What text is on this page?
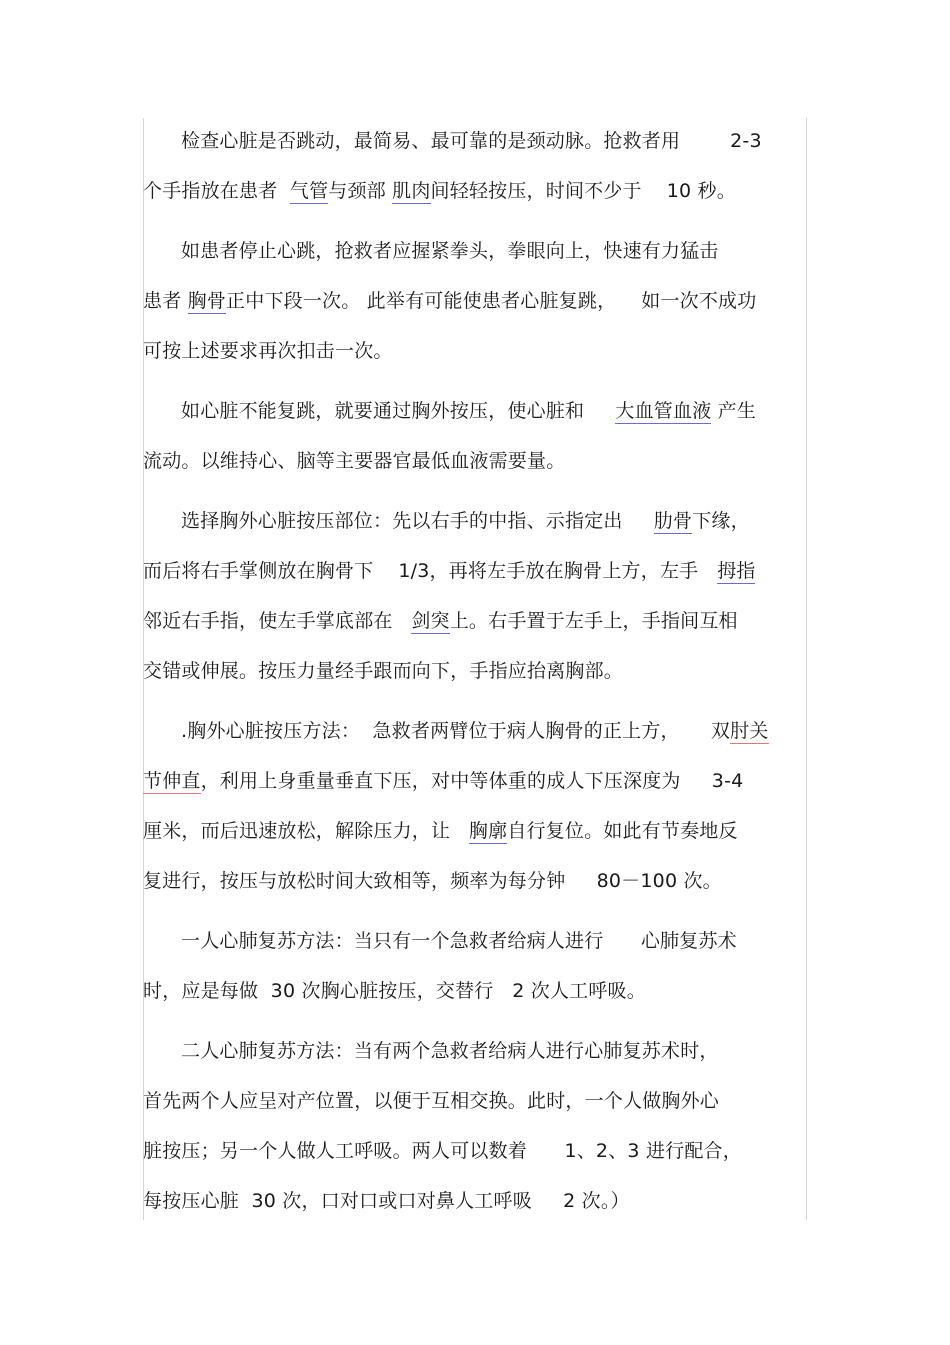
检查心脏是否跳动，最简易、最可靠的是颈动脉。抢救者用        2-3
个手指放在患者  气管与颈部 肌肉间轻轻按压，时间不少于    10 秒。
如患者停止心跳，抢救者应握紧拳头，拳眼向上，快速有力猛击
患者 胸骨正中下段一次。 此举有可能使患者心脏复跳，    如一次不成功
可按上述要求再次扣击一次。
如心脏不能复跳，就要通过胸外按压，使心脏和     大血管血液 产生
流动。以维持心、脑等主要器官最低血液需要量。
选择胸外心脏按压部位：先以右手的中指、示指定出     肋骨下缘，
而后将右手掌侧放在胸骨下    1/3，再将左手放在胸骨上方，左手   拇指
邻近右手指，使左手掌底部在   剑突上。右手置于左手上，手指间互相
交错或伸展。按压力量经手跟而向下，手指应抬离胸部。
.胸外心脏按压方法：  急救者两臂位于病人胸骨的正上方，     双肘关
节伸直，利用上身重量垂直下压，对中等体重的成人下压深度为     3-4
厘米，而后迅速放松，解除压力，让   胸廓自行复位。如此有节奏地反
复进行，按压与放松时间大致相等，频率为每分钟     80－100 次。
一人心肺复苏方法：当只有一个急救者给病人进行      心肺复苏术
时，应是每做  30 次胸心脏按压，交替行   2 次人工呼吸。
二人心肺复苏方法：当有两个急救者给病人进行心肺复苏术时，
首先两个人应呈对产位置，以便于互相交换。此时，一个人做胸外心
脏按压；另一个人做人工呼吸。两人可以数着      1、2、3 进行配合，
每按压心脏  30 次，口对口或口对鼻人工呼吸     2 次。）
